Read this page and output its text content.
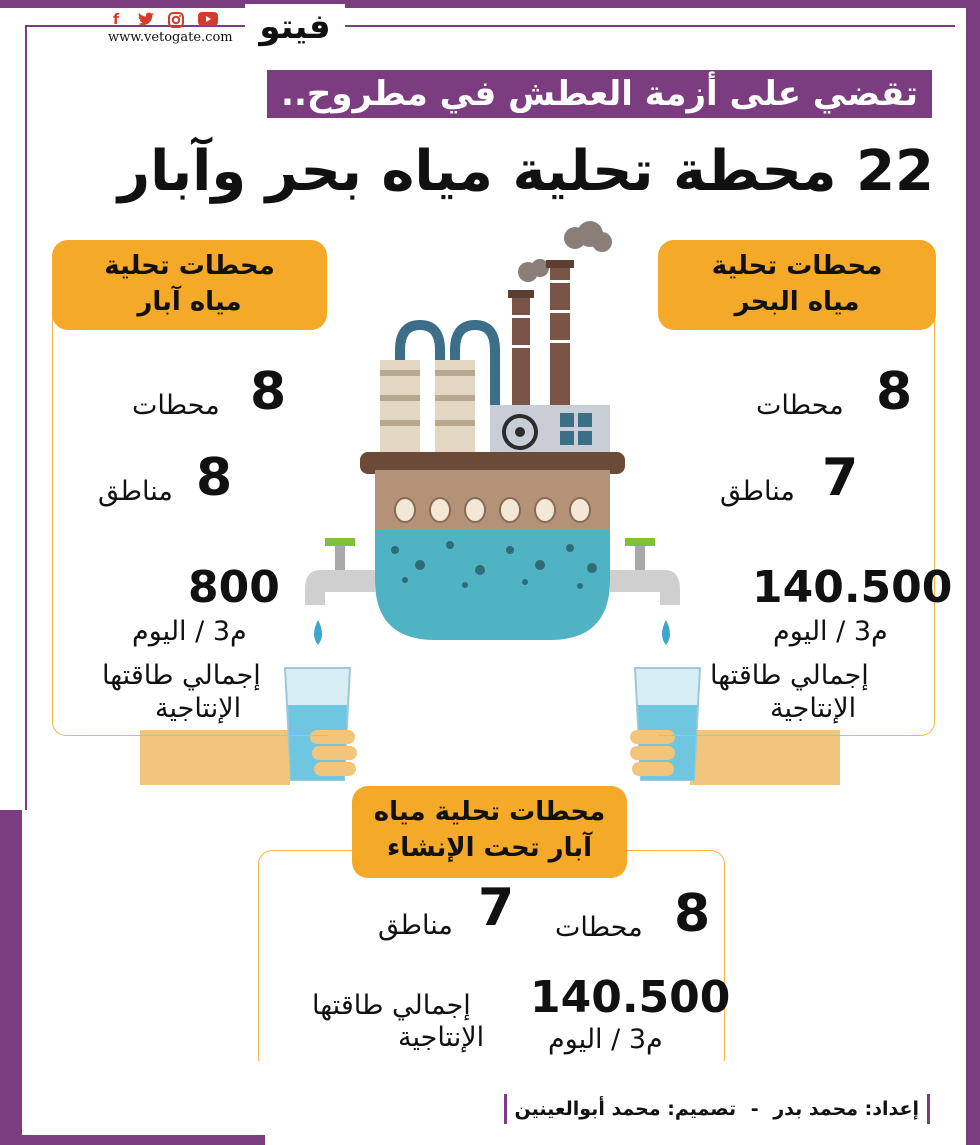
f
www.vetogate.com فيتو
تقضي على أزمة العطش في مطروح..
22 محطة تحلية مياه بحر وآبار
محطات تحلية
مياه آبار
8
محطات
8
مناطق
800
م3 / اليوم
إجمالي طاقتها
الإنتاجية
محطات تحلية
مياه البحر
8
محطات
7
مناطق
140.500
م3 / اليوم
إجمالي طاقتها
الإنتاجية
محطات تحلية مياه
آبار تحت الإنشاء
8
محطات
7
مناطق
140.500
م3 / اليوم
إجمالي طاقتها
الإنتاجية
إعداد: محمد بدر - تصميم: محمد أبوالعينين
